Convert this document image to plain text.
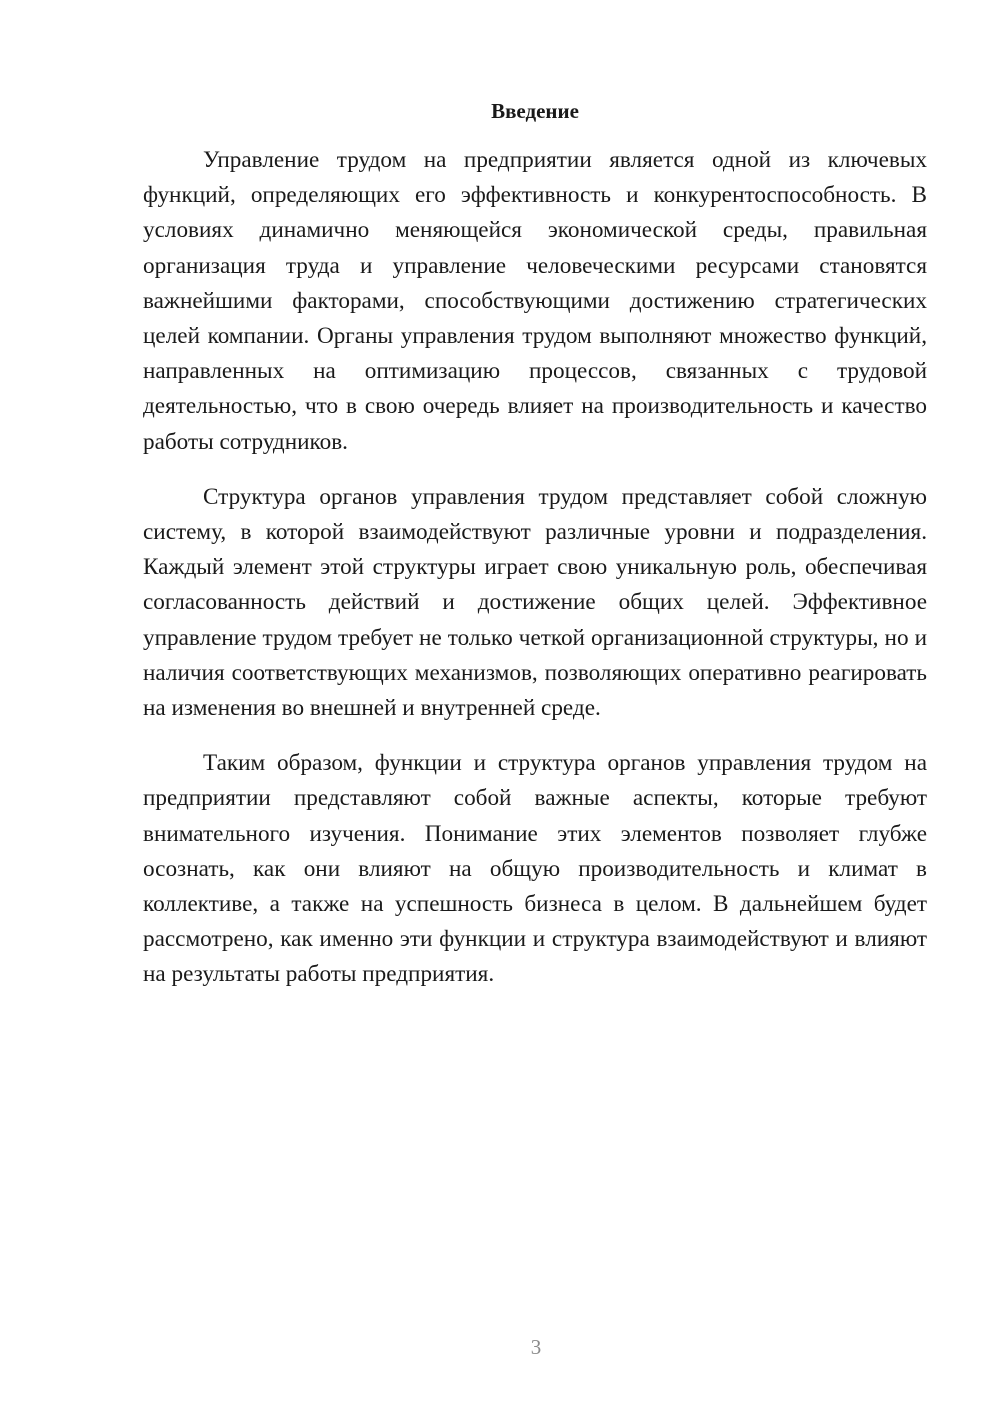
Введение

Управление трудом на предприятии является одной из ключевых функций, определяющих его эффективность и конкурентоспособность. В условиях динамично меняющейся экономической среды, правильная организация труда и управление человеческими ресурсами становятся важнейшими факторами, способствующими достижению стратегических целей компании. Органы управления трудом выполняют множество функций, направленных на оптимизацию процессов, связанных с трудовой деятельностью, что в свою очередь влияет на производительность и качество работы сотрудников.

Структура органов управления трудом представляет собой сложную систему, в которой взаимодействуют различные уровни и подразделения. Каждый элемент этой структуры играет свою уникальную роль, обеспечивая согласованность действий и достижение общих целей. Эффективное управление трудом требует не только четкой организационной структуры, но и наличия соответствующих механизмов, позволяющих оперативно реагировать на изменения во внешней и внутренней среде.

Таким образом, функции и структура органов управления трудом на предприятии представляют собой важные аспекты, которые требуют внимательного изучения. Понимание этих элементов позволяет глубже осознать, как они влияют на общую производительность и климат в коллективе, а также на успешность бизнеса в целом. В дальнейшем будет рассмотрено, как именно эти функции и структура взаимодействуют и влияют на результаты работы предприятия.

3
